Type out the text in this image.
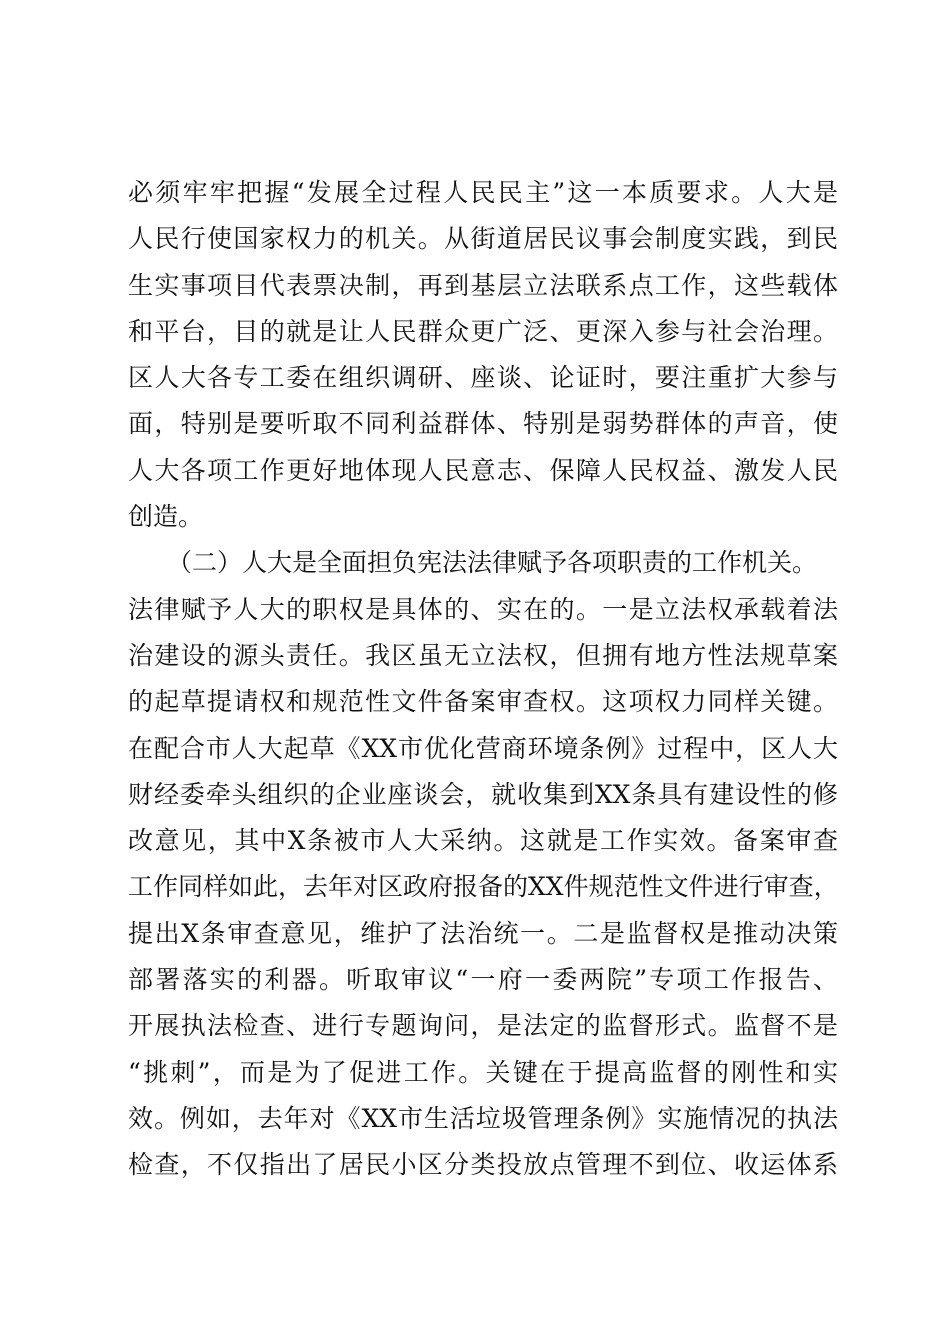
必须牢牢把握“发展全过程人民民主”这一本质要求。人大是
人民行使国家权力的机关。从街道居民议事会制度实践，到民
生实事项目代表票决制，再到基层立法联系点工作，这些载体
和平台，目的就是让人民群众更广泛、更深入参与社会治理。
区人大各专工委在组织调研、座谈、论证时，要注重扩大参与
面，特别是要听取不同利益群体、特别是弱势群体的声音，使
人大各项工作更好地体现人民意志、保障人民权益、激发人民
创造。
（二）人大是全面担负宪法法律赋予各项职责的工作机关。
法律赋予人大的职权是具体的、实在的。一是立法权承载着法
治建设的源头责任。我区虽无立法权，但拥有地方性法规草案
的起草提请权和规范性文件备案审查权。这项权力同样关键。
在配合市人大起草《XX市优化营商环境条例》过程中，区人大
财经委牵头组织的企业座谈会，就收集到XX条具有建设性的修
改意见，其中X条被市人大采纳。这就是工作实效。备案审查
工作同样如此，去年对区政府报备的XX件规范性文件进行审查，
提出X条审查意见，维护了法治统一。二是监督权是推动决策
部署落实的利器。听取审议“一府一委两院”专项工作报告、
开展执法检查、进行专题询问，是法定的监督形式。监督不是
“挑刺”，而是为了促进工作。关键在于提高监督的刚性和实
效。例如，去年对《XX市生活垃圾管理条例》实施情况的执法
检查，不仅指出了居民小区分类投放点管理不到位、收运体系
